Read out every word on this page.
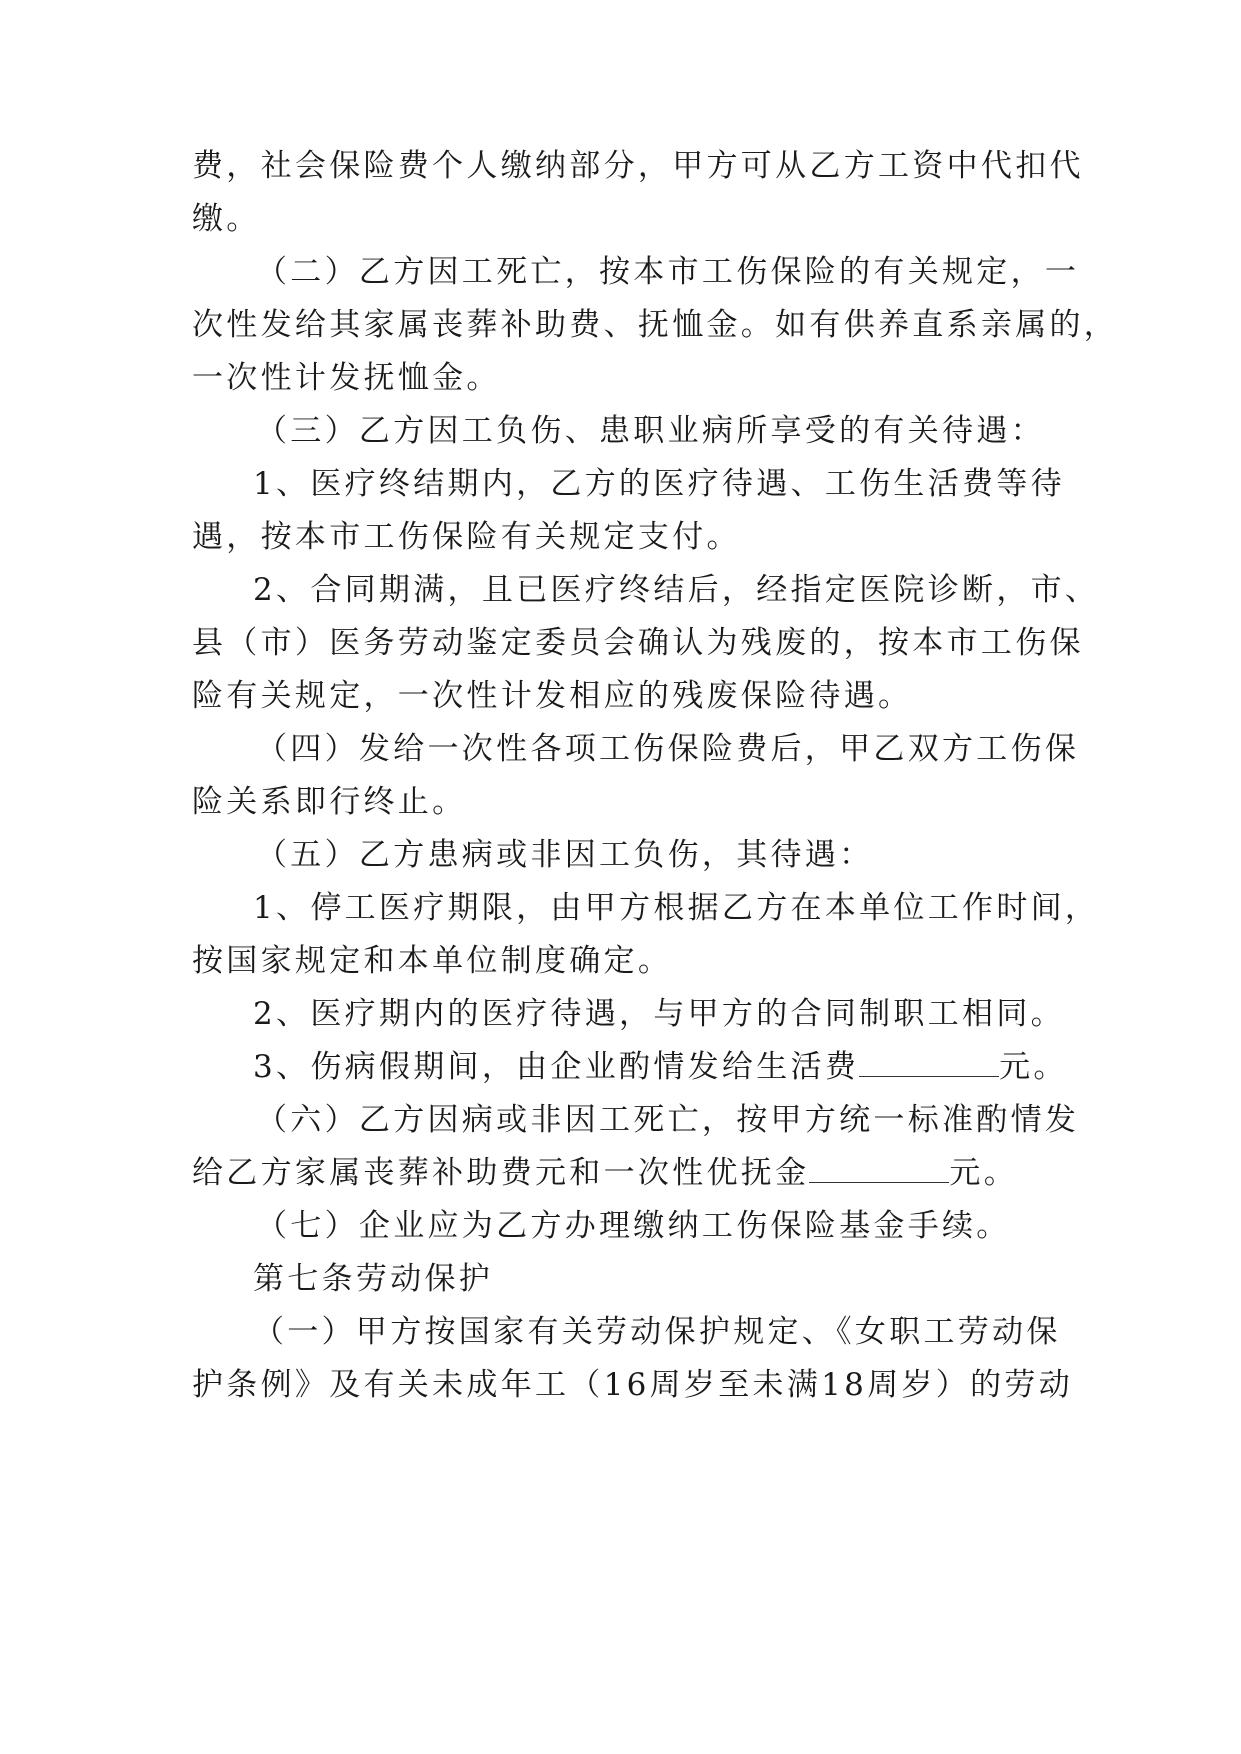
费，社会保险费个人缴纳部分，甲方可从乙方工资中代扣代
缴。
（二）乙方因工死亡，按本市工伤保险的有关规定，一
次性发给其家属丧葬补助费、抚恤金。如有供养直系亲属的，
一次性计发抚恤金。
（三）乙方因工负伤、患职业病所享受的有关待遇：
1、医疗终结期内，乙方的医疗待遇、工伤生活费等待
遇，按本市工伤保险有关规定支付。
2、合同期满，且已医疗终结后，经指定医院诊断，市、
县（市）医务劳动鉴定委员会确认为残废的，按本市工伤保
险有关规定，一次性计发相应的残废保险待遇。
（四）发给一次性各项工伤保险费后，甲乙双方工伤保
险关系即行终止。
（五）乙方患病或非因工负伤，其待遇：
1、停工医疗期限，由甲方根据乙方在本单位工作时间，
按国家规定和本单位制度确定。
2、医疗期内的医疗待遇，与甲方的合同制职工相同。
3、伤病假期间，由企业酌情发给生活费	元。
（六）乙方因病或非因工死亡，按甲方统一标准酌情发
给乙方家属丧葬补助费元和一次性优抚金	元。
（七）企业应为乙方办理缴纳工伤保险基金手续。
第七条劳动保护
（一）甲方按国家有关劳动保护规定、《女职工劳动保
护条例》及有关未成年工（16周岁至未满18周岁）的劳动
